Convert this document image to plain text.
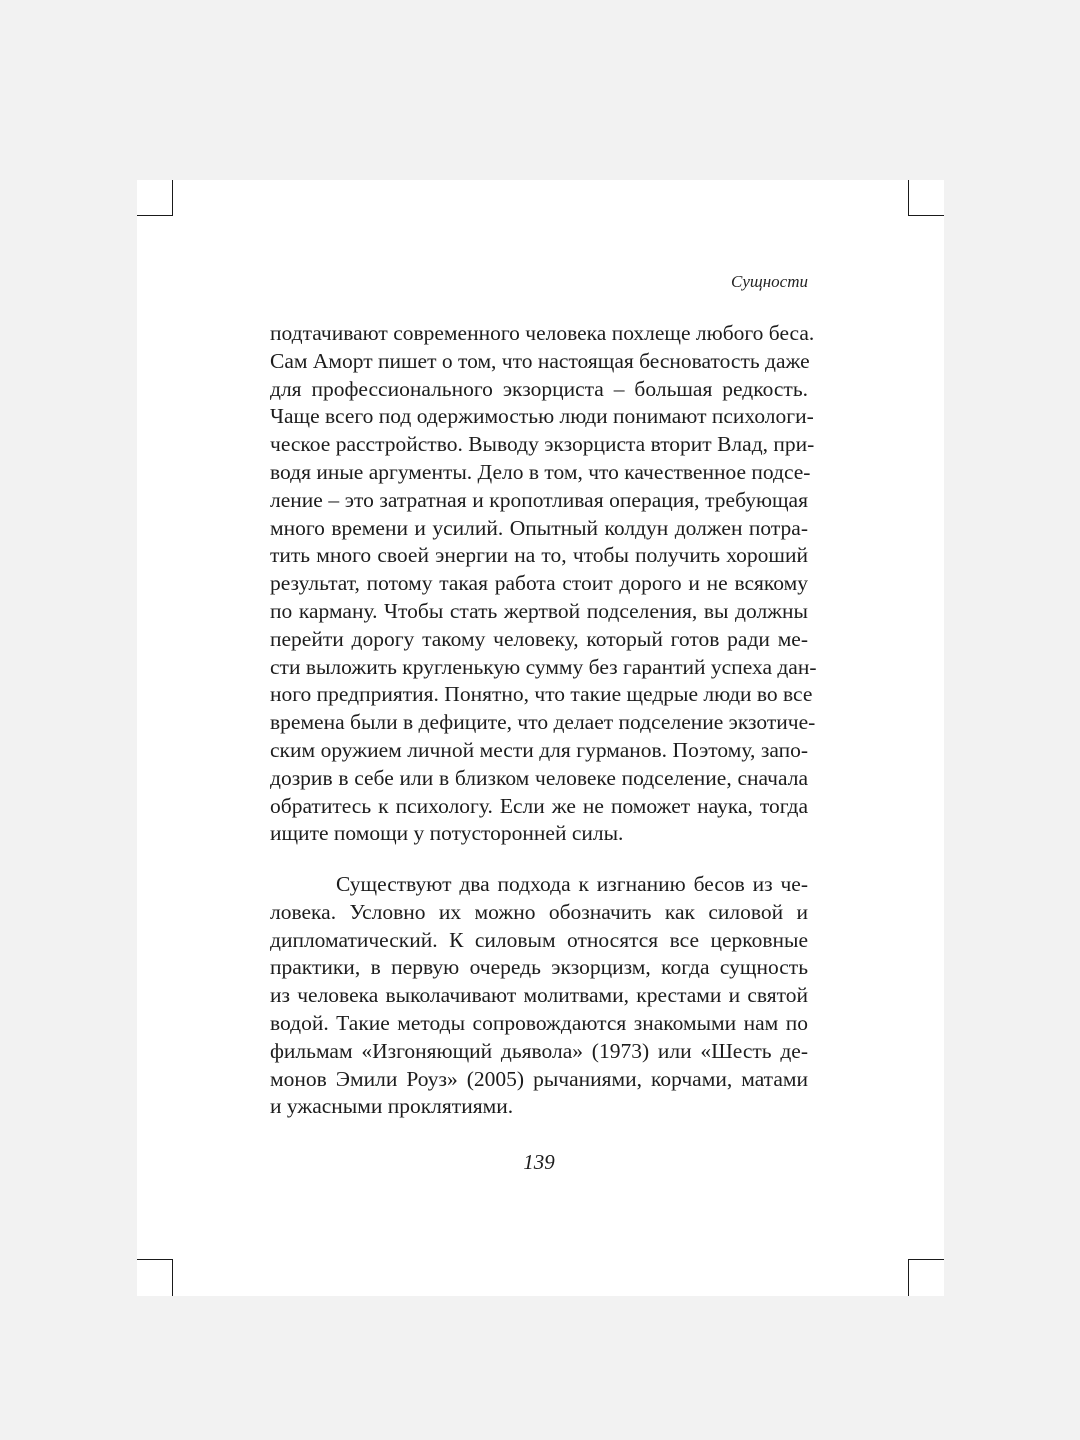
Сущности

подтачивают современного человека похлеще любого беса.
Сам Аморт пишет о том, что настоящая бесноватость даже
для профессионального экзорциста – большая редкость.
Чаще всего под одержимостью люди понимают психологи-
ческое расстройство. Выводу экзорциста вторит Влад, при-
водя иные аргументы. Дело в том, что качественное подсе-
ление – это затратная и кропотливая операция, требующая
много времени и усилий. Опытный колдун должен потра-
тить много своей энергии на то, чтобы получить хороший
результат, потому такая работа стоит дорого и не всякому
по карману. Чтобы стать жертвой подселения, вы должны
перейти дорогу такому человеку, который готов ради ме-
сти выложить кругленькую сумму без гарантий успеха дан-
ного предприятия. Понятно, что такие щедрые люди во все
времена были в дефиците, что делает подселение экзотиче-
ским оружием личной мести для гурманов. Поэтому, запо-
дозрив в себе или в близком человеке подселение, сначала
обратитесь к психологу. Если же не поможет наука, тогда
ищите помощи у потусторонней силы.

Существуют два подхода к изгнанию бесов из че-
ловека. Условно их можно обозначить как силовой и
дипломатический. К силовым относятся все церковные
практики, в первую очередь экзорцизм, когда сущность
из человека выколачивают молитвами, крестами и святой
водой. Такие методы сопровождаются знакомыми нам по
фильмам «Изгоняющий дьявола» (1973) или «Шесть де-
монов Эмили Роуз» (2005) рычаниями, корчами, матами
и ужасными проклятиями.

139
